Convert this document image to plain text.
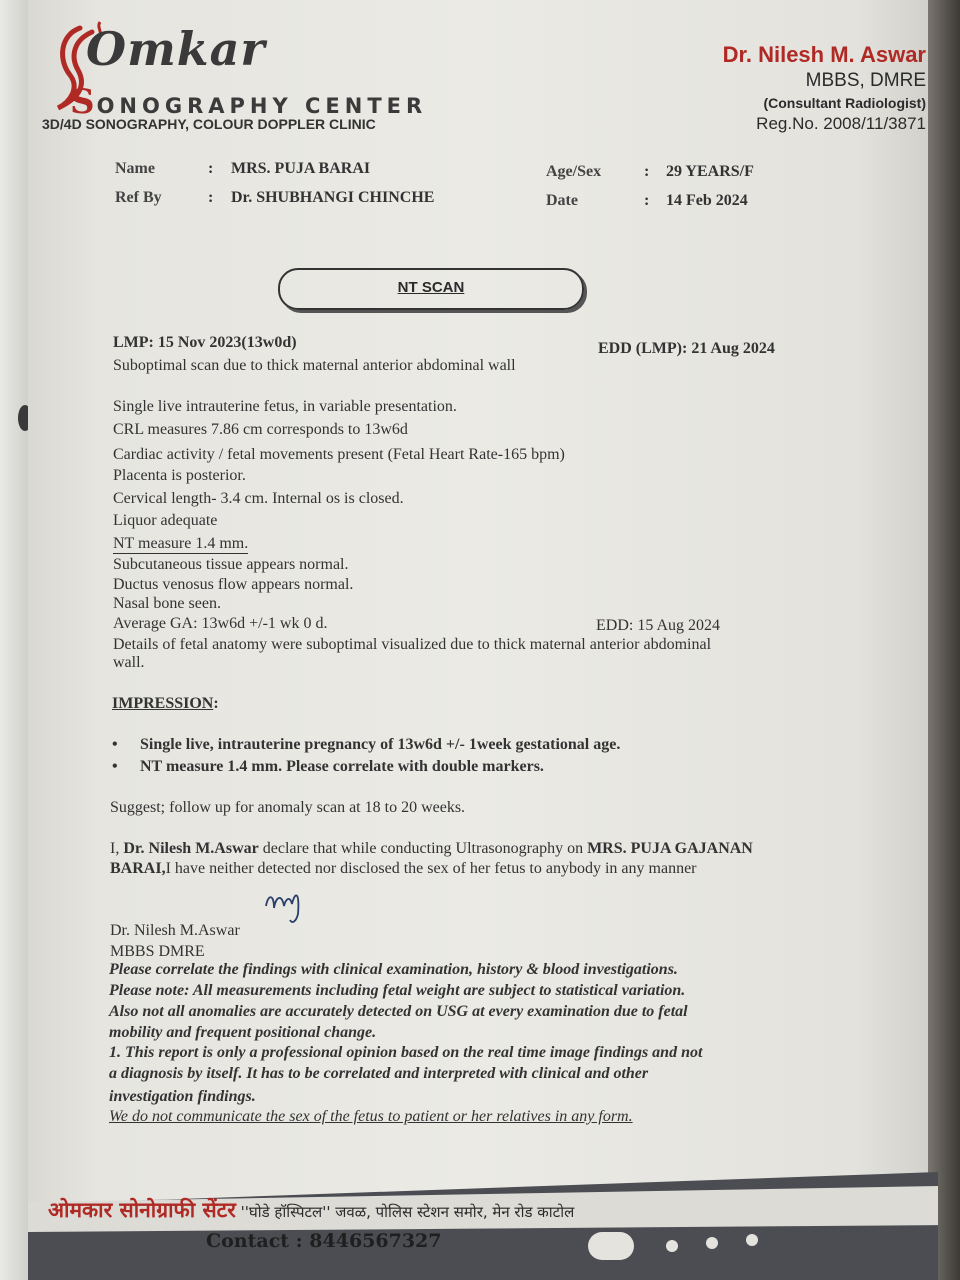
Omkar
SONOGRAPHY CENTER
3D/4D SONOGRAPHY, COLOUR DOPPLER CLINIC
Dr. Nilesh M. Aswar
MBBS, DMRE
(Consultant Radiologist)
Reg.No. 2008/11/3871
Name	: MRS. PUJA BARAI
Ref By	: Dr. SHUBHANGI CHINCHE
Age/Sex	: 29 YEARS/F
Date	: 14 Feb 2024
NT SCAN
LMP: 15 Nov 2023(13w0d)	EDD (LMP): 21 Aug 2024
Suboptimal scan due to thick maternal anterior abdominal wall
Single live intrauterine fetus, in variable presentation.
CRL measures 7.86 cm corresponds to 13w6d
Cardiac activity / fetal movements present (Fetal Heart Rate-165 bpm)
Placenta is posterior.
Cervical length- 3.4 cm. Internal os is closed.
Liquor adequate
NT measure 1.4 mm.
Subcutaneous tissue appears normal.
Ductus venosus flow appears normal.
Nasal bone seen.
Average GA: 13w6d +/-1 wk 0 d.	EDD: 15 Aug 2024
Details of fetal anatomy were suboptimal visualized due to thick maternal anterior abdominal
wall.
IMPRESSION:
• Single live, intrauterine pregnancy of 13w6d +/- 1week gestational age.
• NT measure 1.4 mm. Please correlate with double markers.
Suggest; follow up for anomaly scan at 18 to 20 weeks.
I, Dr. Nilesh M.Aswar declare that while conducting Ultrasonography on MRS. PUJA GAJANAN
BARAI,I have neither detected nor disclosed the sex of her fetus to anybody in any manner
Dr. Nilesh M.Aswar
MBBS DMRE
Please correlate the findings with clinical examination, history & blood investigations.
Please note: All measurements including fetal weight are subject to statistical variation.
Also not all anomalies are accurately detected on USG at every examination due to fetal
mobility and frequent positional change.
1. This report is only a professional opinion based on the real time image findings and not
a diagnosis by itself. It has to be correlated and interpreted with clinical and other
investigation findings.
We do not communicate the sex of the fetus to patient or her relatives in any form.
ओमकार सोनोग्राफी सेंटर ''घोडे हॉस्पिटल'' जवळ, पोलिस स्टेशन समोर, मेन रोड काटोल
Contact : 8446567327
